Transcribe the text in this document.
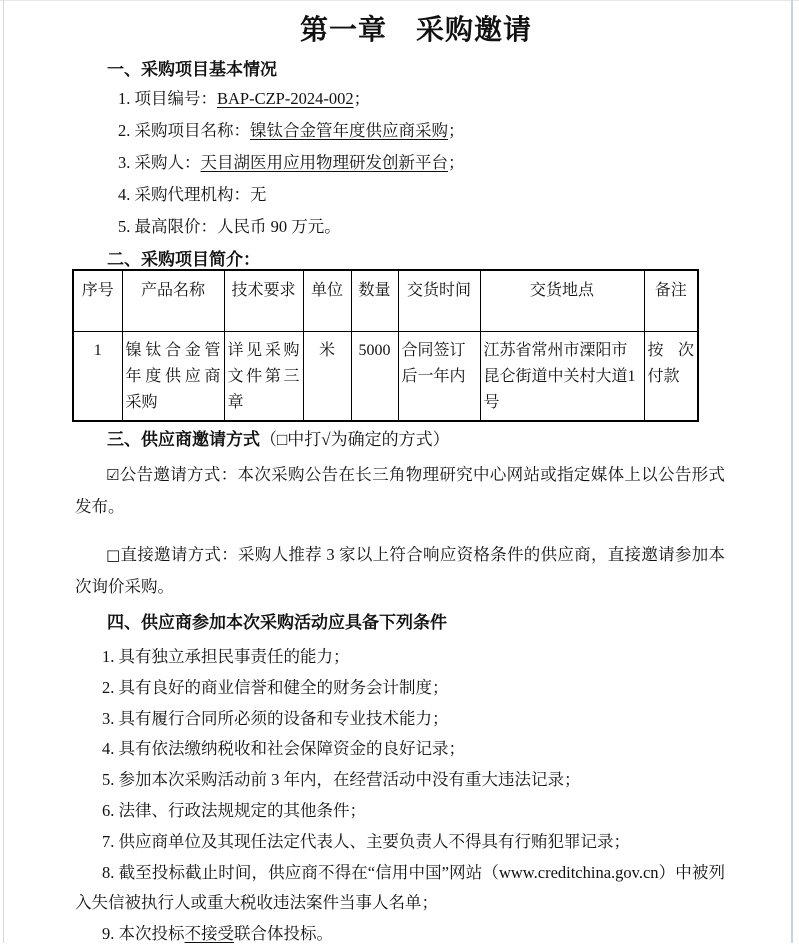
第一章　采购邀请
一、采购项目基本情况
1. 项目编号：BAP-CZP-2024-002；
2. 采购项目名称：镍钛合金管年度供应商采购；
3. 采购人：天目湖医用应用物理研发创新平台；
4. 采购代理机构：无
5. 最高限价：人民币 90 万元。
二、采购项目简介：
序号	产品名称	技术要求	单位	数量	交货时间	交货地点	备注
1	镍钛合金管年度供应商采购	详见采购文件第三章	米	5000	合同签订后一年内	江苏省常州市溧阳市昆仑街道中关村大道1号	按次付款
三、供应商邀请方式（□中打√为确定的方式）

☑公告邀请方式：本次采购公告在长三角物理研究中心网站或指定媒体上以公告形式发布。

□直接邀请方式：采购人推荐 3 家以上符合响应资格条件的供应商，直接邀请参加本次询价采购。

四、供应商参加本次采购活动应具备下列条件
1. 具有独立承担民事责任的能力；
2. 具有良好的商业信誉和健全的财务会计制度；
3. 具有履行合同所必须的设备和专业技术能力；
4. 具有依法缴纳税收和社会保障资金的良好记录；
5. 参加本次采购活动前 3 年内，在经营活动中没有重大违法记录；
6. 法律、行政法规规定的其他条件；
7. 供应商单位及其现任法定代表人、主要负责人不得具有行贿犯罪记录；
8. 截至投标截止时间，供应商不得在“信用中国”网站（www.creditchina.gov.cn）中被列入失信被执行人或重大税收违法案件当事人名单；
9. 本次投标不接受联合体投标。
